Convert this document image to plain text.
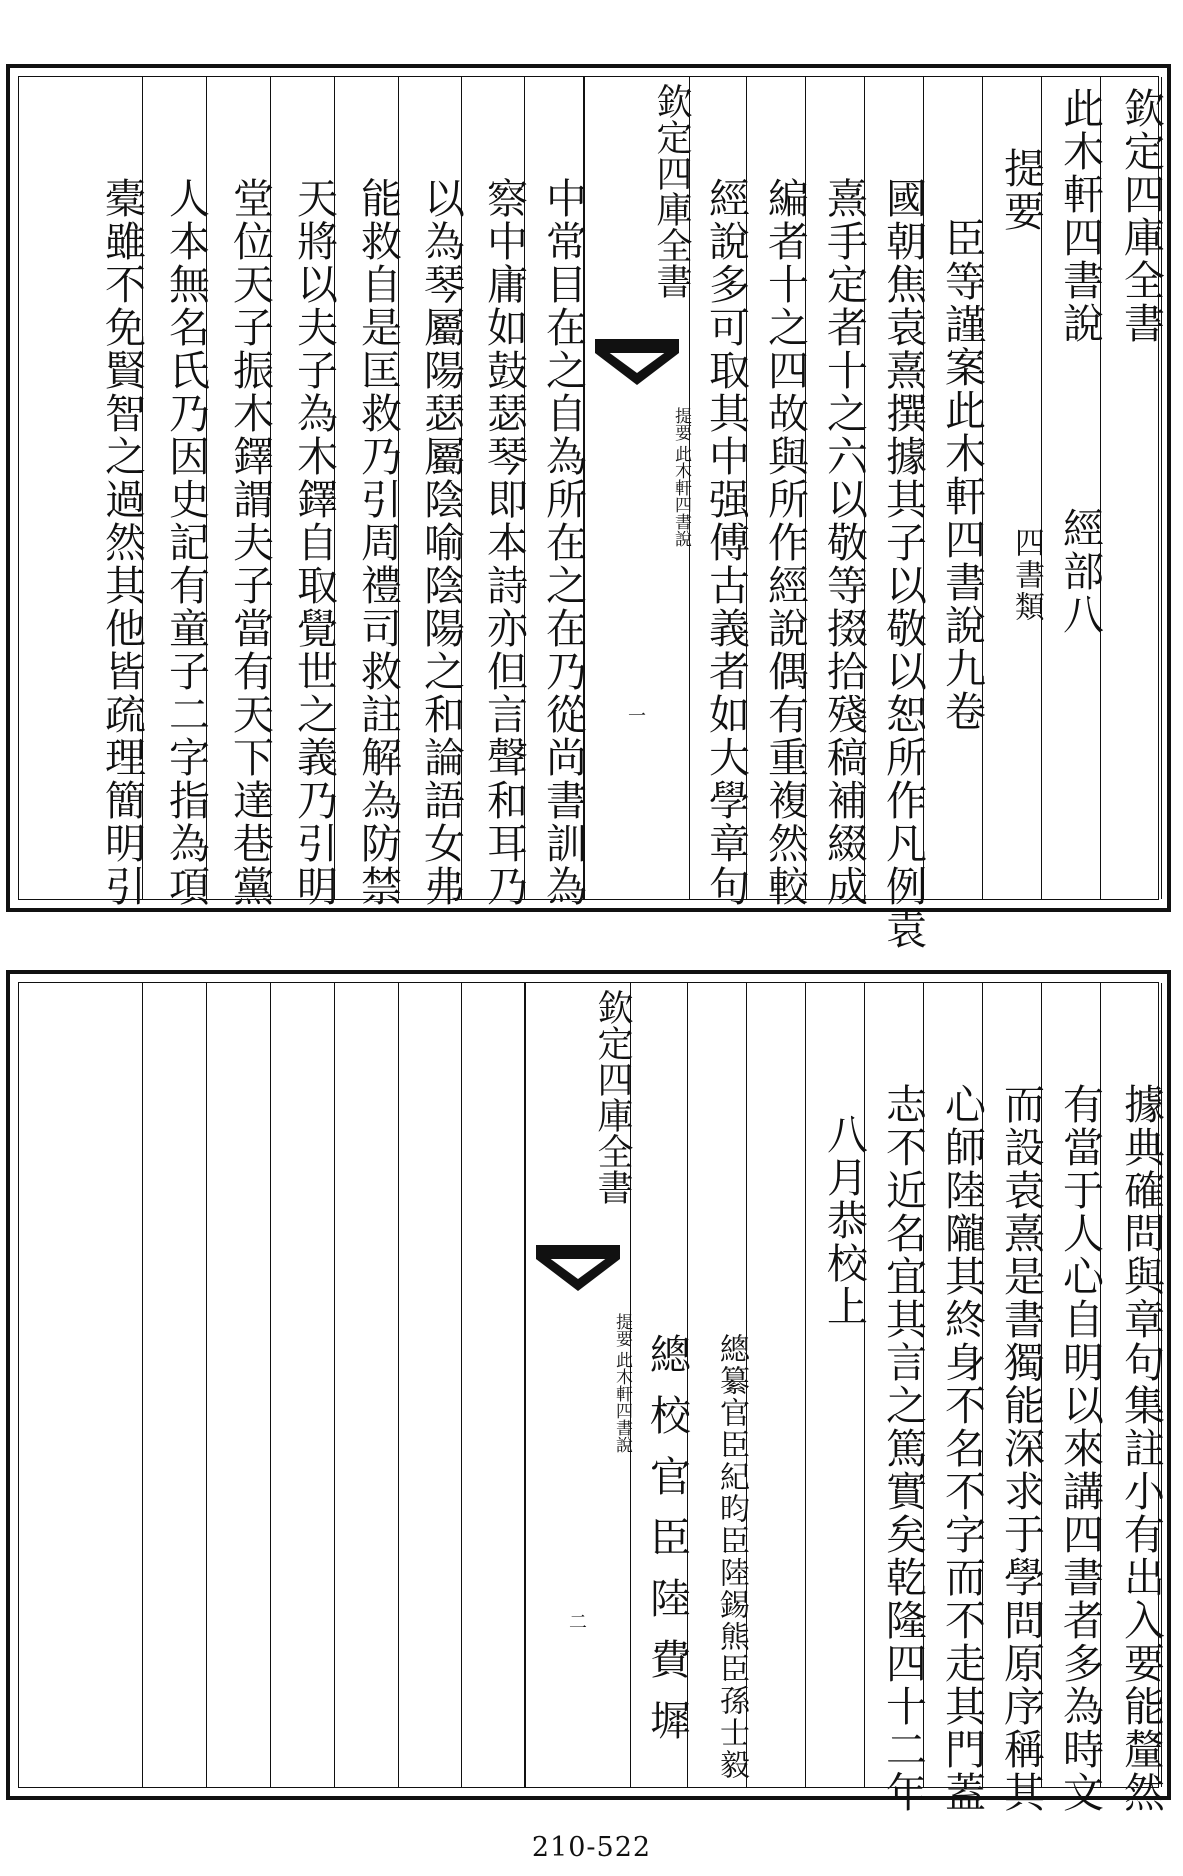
欽定四庫全書
此木軒四書說
經部八
提要
四書類
臣等謹案此木軒四書說九卷
國朝焦袁熹撰據其子以敬以恕所作凡例袁
熹手定者十之六以敬等掇拾殘稿補綴成
編者十之四故與所作經說偶有重複然較
經說多可取其中强傅古義者如大學章句
欽定四庫全書
提要
此木軒四書說
一
中常目在之自為所在之在乃從尚書訓為
察中庸如鼓瑟琴即本詩亦但言聲和耳乃
以為琴屬陽瑟屬陰喻陰陽之和論語女弗
能救自是匡救乃引周禮司救註解為防禁
天將以夫子為木鐸自取覺世之義乃引明
堂位天子振木鐸謂夫子當有天下達巷黨
人本無名氏乃因史記有童子二字指為項
橐雖不免賢智之過然其他皆疏理簡明引
據典確問與章句集註小有出入要能釐然
有當于人心自明以來講四書者多為時文
而設袁熹是書獨能深求于學問原序稱其
心師陸隴其終身不名不字而不走其門蓋
志不近名宜其言之篤實矣乾隆四十二年
八月恭校上
總纂官臣紀昀臣陸錫熊臣孫士毅
總校官臣陸費墀
欽定四庫全書
提要
此木軒四書說
二
210-522
